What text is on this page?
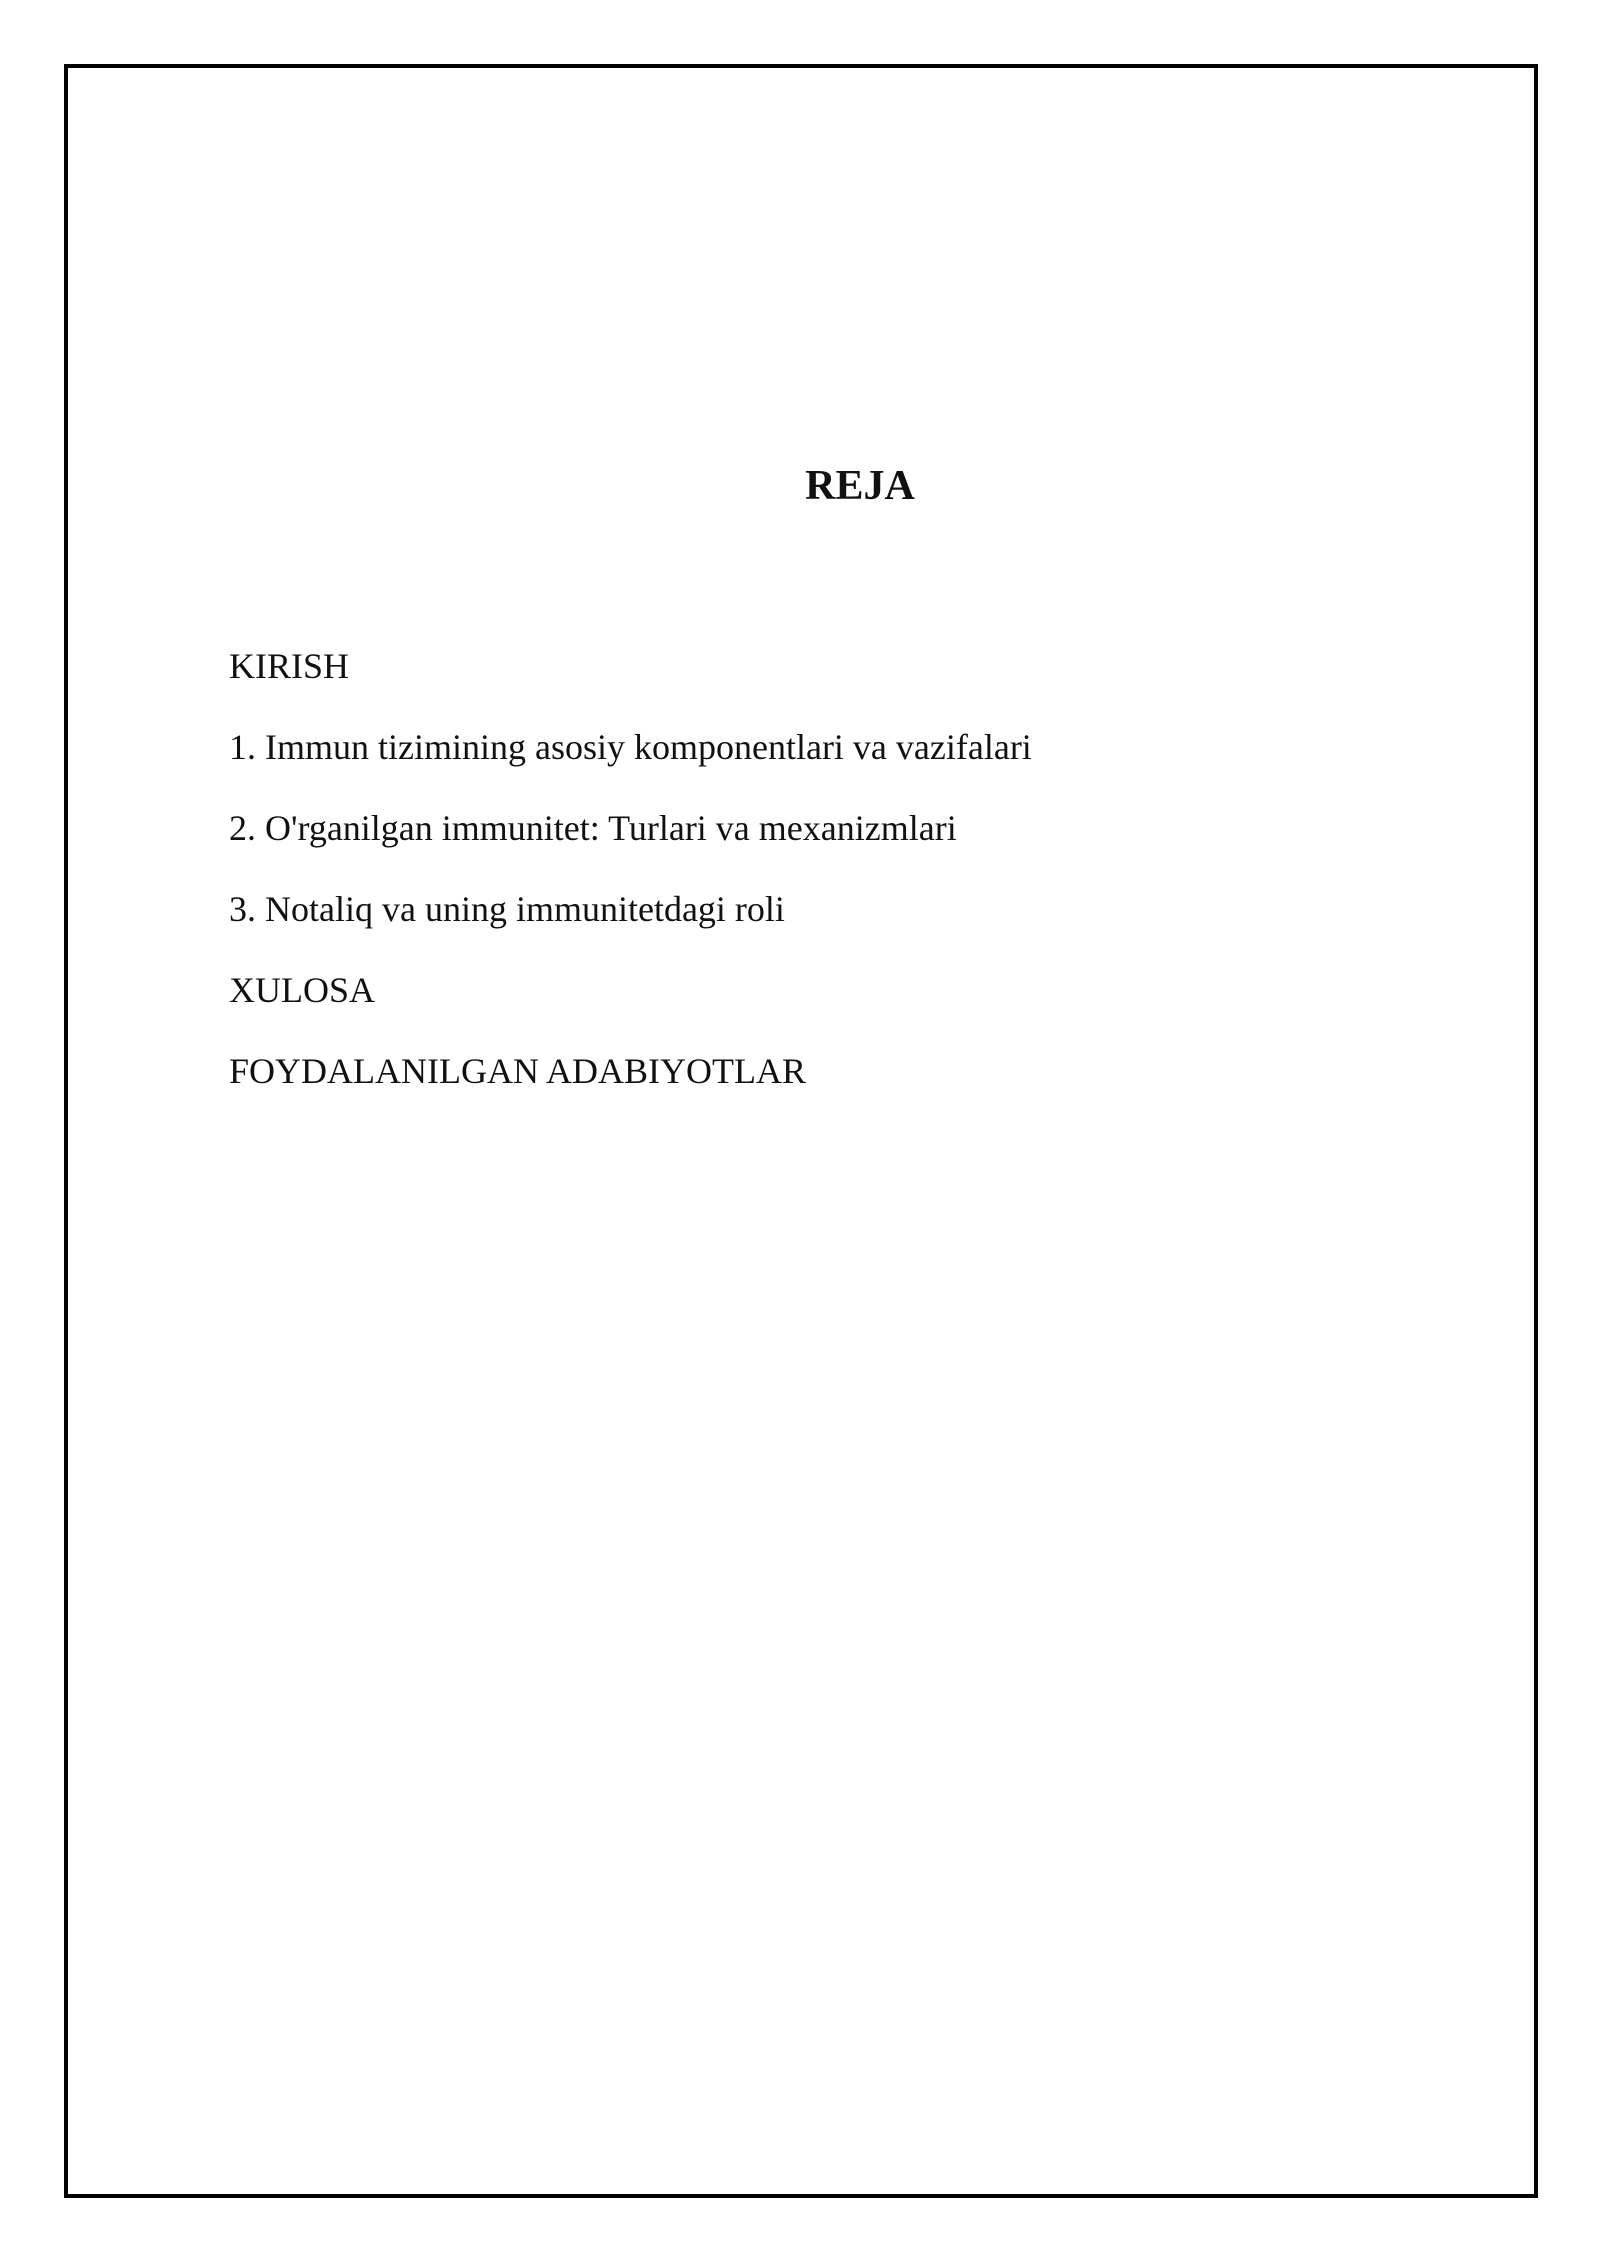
REJA
KIRISH
1. Immun tizimining asosiy komponentlari va vazifalari
2. O'rganilgan immunitet: Turlari va mexanizmlari
3. Notaliq va uning immunitetdagi roli
XULOSA
FOYDALANILGAN ADABIYOTLAR
